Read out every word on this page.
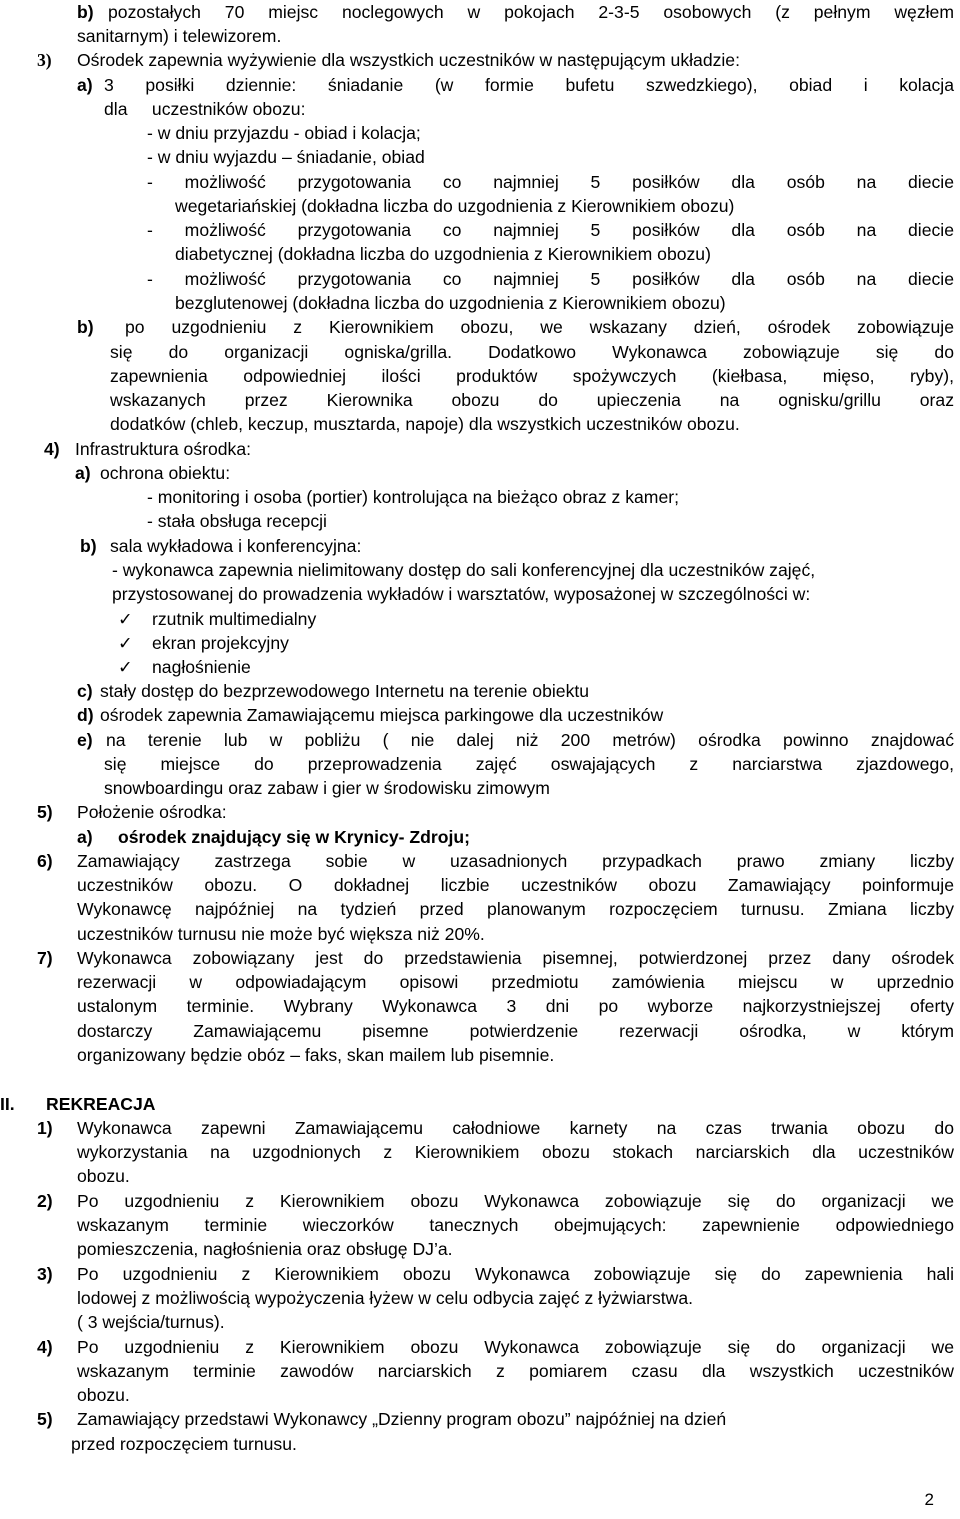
b) pozostałych 70 miejsc noclegowych w pokojach 2-3-5 osobowych (z pełnym węzłem
sanitarnym) i telewizorem.
3) Ośrodek zapewnia wyżywienie dla wszystkich uczestników w następującym układzie:
a) 3 posiłki dziennie: śniadanie (w formie bufetu szwedzkiego), obiad i kolacja
dla     uczestników obozu:
- w dniu przyjazdu - obiad i kolacja;
- w dniu wyjazdu – śniadanie, obiad
- możliwość przygotowania co najmniej 5 posiłków dla osób na diecie
wegetariańskiej (dokładna liczba do uzgodnienia z Kierownikiem obozu)
- możliwość przygotowania co najmniej 5 posiłków dla osób na diecie
diabetycznej (dokładna liczba do uzgodnienia z Kierownikiem obozu)
- możliwość przygotowania co najmniej 5 posiłków dla osób na diecie
bezglutenowej (dokładna liczba do uzgodnienia z Kierownikiem obozu)
b) po uzgodnieniu z Kierownikiem obozu, we wskazany dzień, ośrodek zobowiązuje
się do organizacji ogniska/grilla. Dodatkowo Wykonawca zobowiązuje się do
zapewnienia odpowiedniej ilości produktów spożywczych (kiełbasa, mięso, ryby),
wskazanych przez Kierownika obozu do upieczenia na ognisku/grillu oraz
dodatków (chleb, keczup, musztarda, napoje) dla wszystkich uczestników obozu.
4) Infrastruktura ośrodka:
a) ochrona obiektu:
- monitoring i osoba (portier) kontrolująca na bieżąco obraz z kamer;
- stała obsługa recepcji
b) sala wykładowa i konferencyjna:
- wykonawca zapewnia nielimitowany dostęp do sali konferencyjnej dla uczestników zajęć,
przystosowanej do prowadzenia wykładów i warsztatów, wyposażonej w szczególności w:
✓ rzutnik multimedialny
✓ ekran projekcyjny
✓ nagłośnienie
c) stały dostęp do bezprzewodowego Internetu na terenie obiektu
d) ośrodek zapewnia Zamawiającemu miejsca parkingowe dla uczestników
e) na terenie lub w pobliżu ( nie dalej niż 200 metrów) ośrodka powinno znajdować
się miejsce do przeprowadzenia zajęć oswajających z narciarstwa zjazdowego,
snowboardingu oraz zabaw i gier w środowisku zimowym
5) Położenie ośrodka:
a) ośrodek znajdujący się w Krynicy- Zdroju;
6) Zamawiający zastrzega sobie w uzasadnionych przypadkach prawo zmiany liczby
uczestników obozu. O dokładnej liczbie uczestników obozu Zamawiający poinformuje
Wykonawcę najpóźniej na tydzień przed planowanym rozpoczęciem turnusu. Zmiana liczby
uczestników turnusu nie może być większa niż 20%.
7) Wykonawca zobowiązany jest do przedstawienia pisemnej, potwierdzonej przez dany ośrodek
rezerwacji w odpowiadającym opisowi przedmiotu zamówienia miejscu w uprzednio
ustalonym terminie. Wybrany Wykonawca 3 dni po wyborze najkorzystniejszej oferty
dostarczy Zamawiającemu pisemne potwierdzenie rezerwacji ośrodka, w którym
organizowany będzie obóz – faks, skan mailem lub pisemnie.
II. REKREACJA
1) Wykonawca zapewni Zamawiającemu całodniowe karnety na czas trwania obozu do
wykorzystania na uzgodnionych z Kierownikiem obozu stokach narciarskich dla uczestników
obozu.
2) Po uzgodnieniu z Kierownikiem obozu Wykonawca zobowiązuje się do organizacji we
wskazanym terminie wieczorków tanecznych obejmujących: zapewnienie odpowiedniego
pomieszczenia, nagłośnienia oraz obsługę DJ’a.
3) Po uzgodnieniu z Kierownikiem obozu Wykonawca zobowiązuje się do zapewnienia hali
lodowej z możliwością wypożyczenia łyżew w celu odbycia zajęć z łyżwiarstwa.
( 3 wejścia/turnus).
4) Po uzgodnieniu z Kierownikiem obozu Wykonawca zobowiązuje się do organizacji we
wskazanym terminie zawodów narciarskich z pomiarem czasu dla wszystkich uczestników
obozu.
5) Zamawiający przedstawi Wykonawcy „Dzienny program obozu” najpóźniej na dzień
przed rozpoczęciem turnusu.
2
